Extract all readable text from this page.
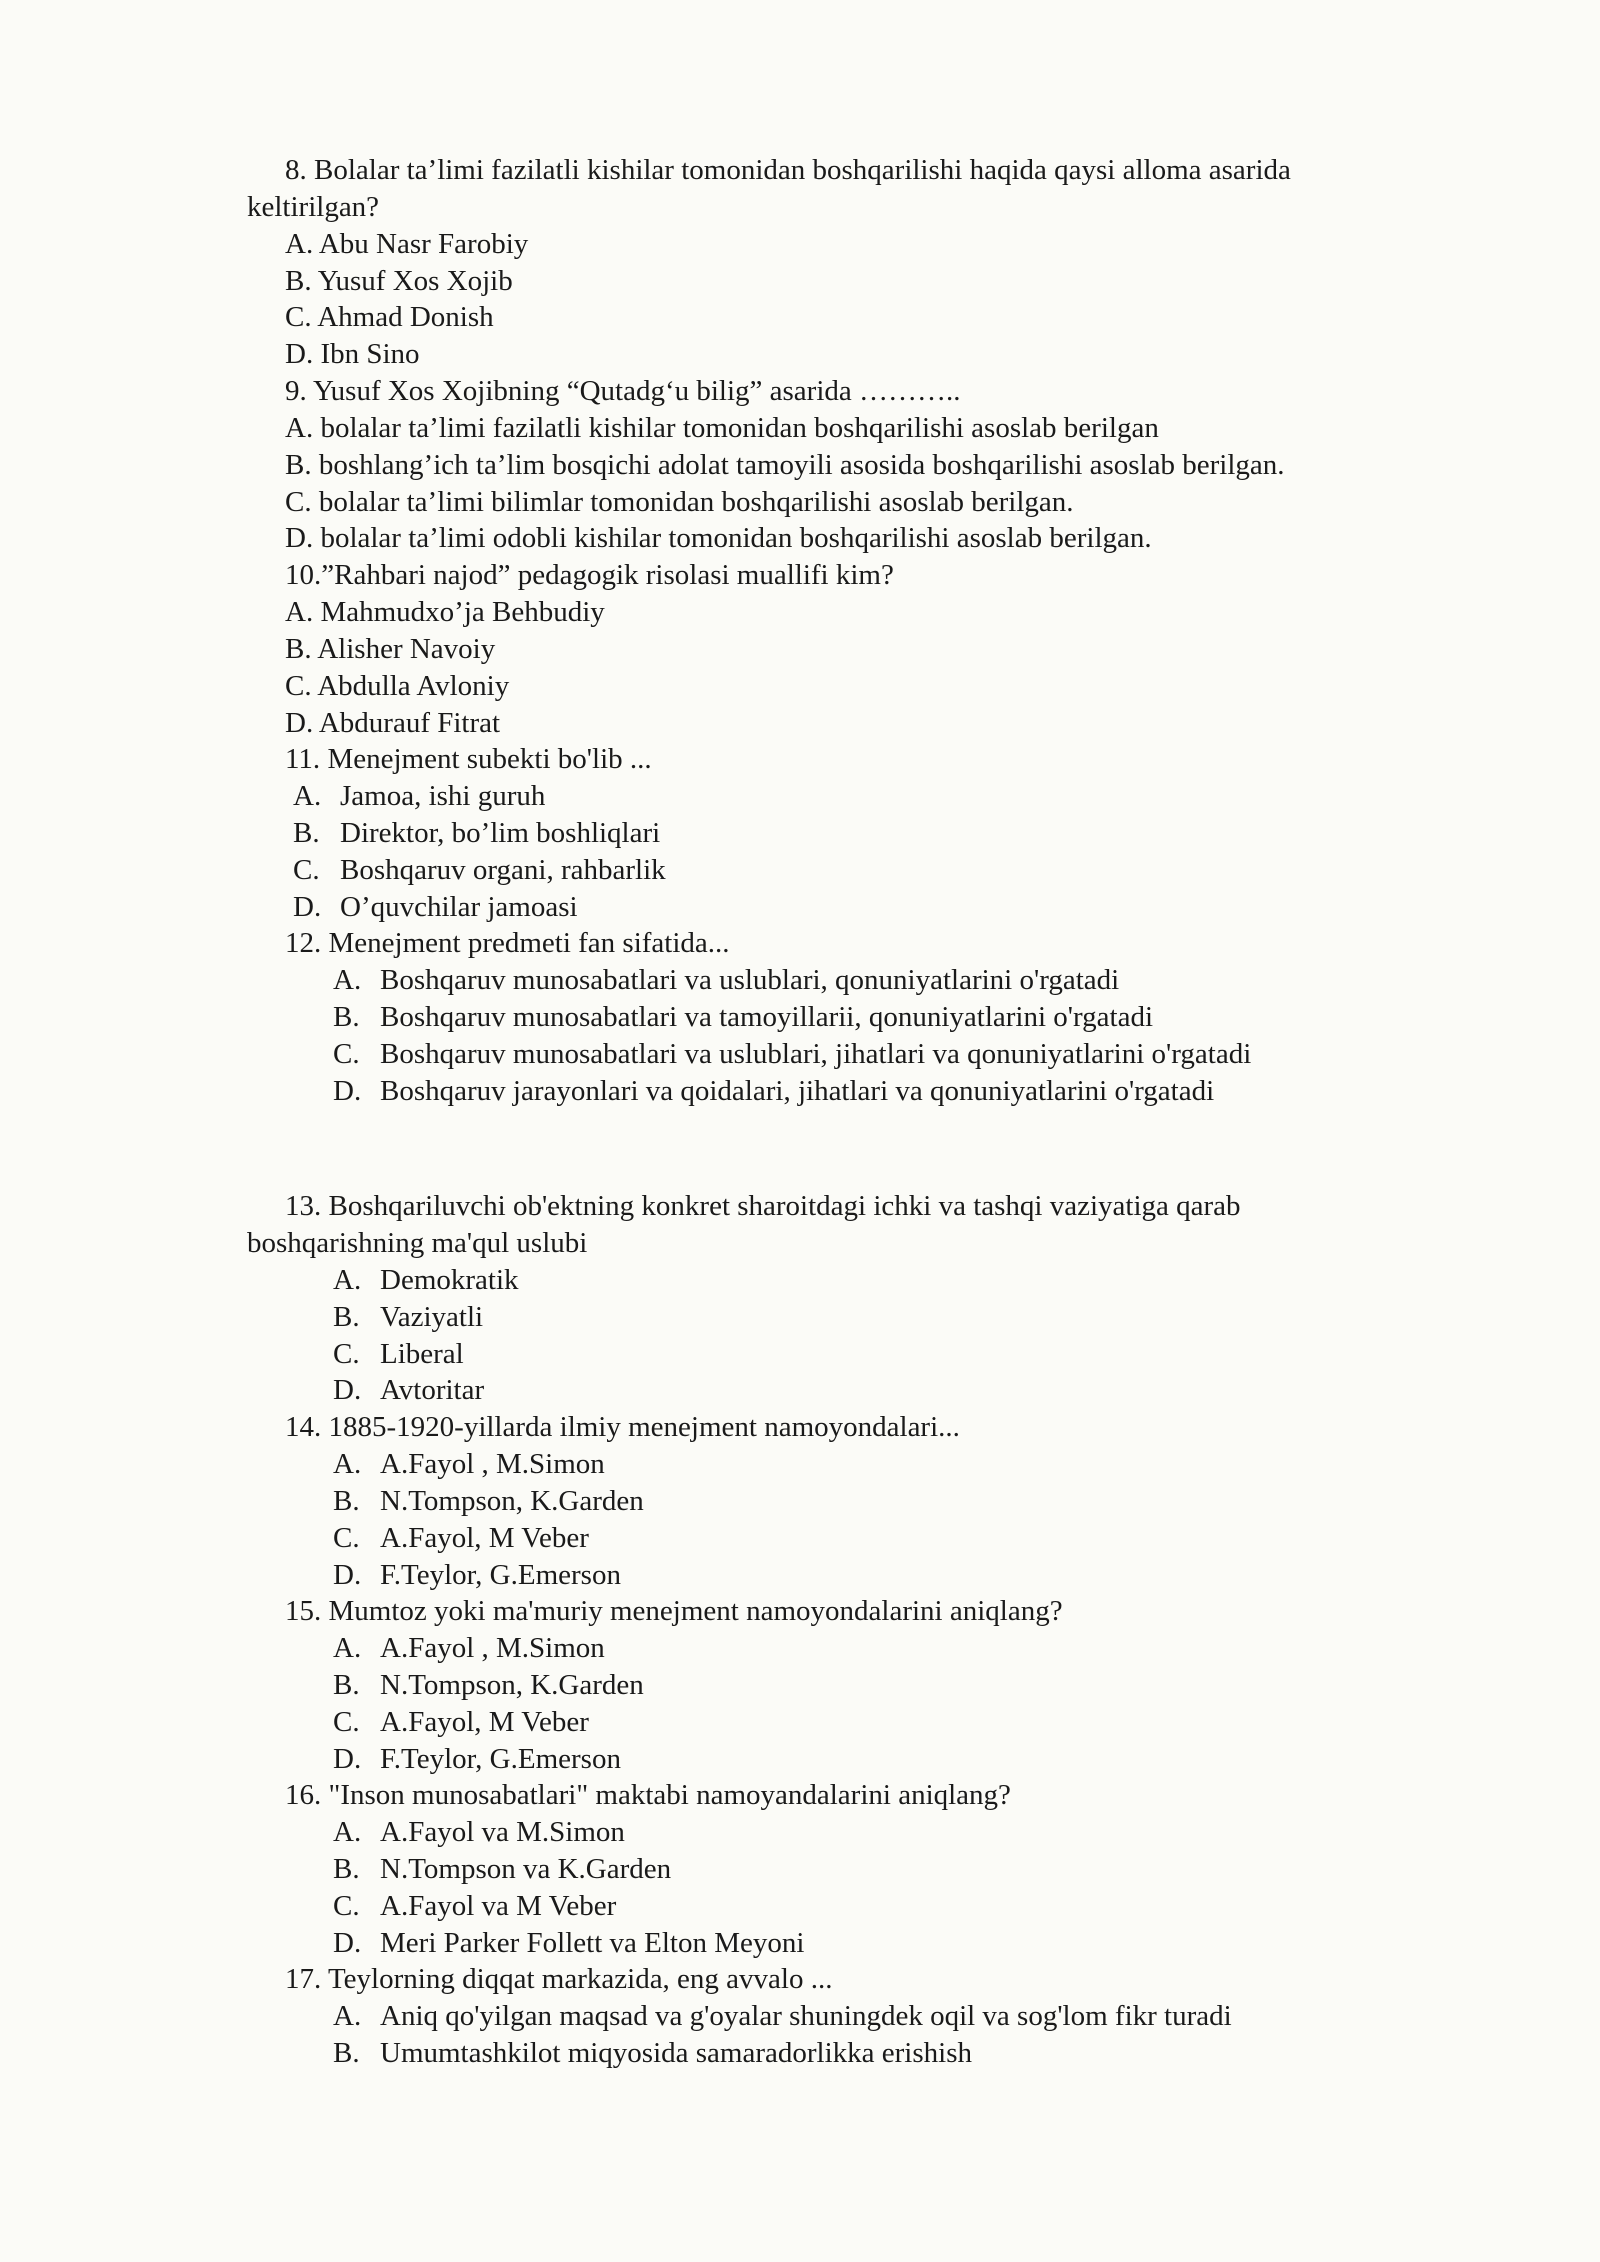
8. Bolalar ta’limi fazilatli kishilar tomonidan boshqarilishi haqida qaysi alloma asarida
keltirilgan?
A. Abu Nasr Farobiy
B. Yusuf Xos Xojib
C. Ahmad Donish
D. Ibn Sino
9. Yusuf Xos Xojibning “Qutadg‘u bilig” asarida ………..
A. bolalar ta’limi fazilatli kishilar tomonidan boshqarilishi asoslab berilgan
B. boshlang’ich ta’lim bosqichi adolat tamoyili asosida boshqarilishi asoslab berilgan.
C. bolalar ta’limi bilimlar tomonidan boshqarilishi asoslab berilgan.
D. bolalar ta’limi odobli kishilar tomonidan boshqarilishi asoslab berilgan.
10.”Rahbari najod” pedagogik risolasi muallifi kim?
A. Mahmudxo’ja Behbudiy
B. Alisher Navoiy
C. Abdulla Avloniy
D. Abdurauf Fitrat
11. Menejment subekti bo'lib ...
A. Jamoa, ishi guruh
B. Direktor, bo’lim boshliqlari
C. Boshqaruv organi, rahbarlik
D. O’quvchilar jamoasi
12. Menejment predmeti fan sifatida...
A. Boshqaruv munosabatlari va uslublari, qonuniyatlarini o'rgatadi
B. Boshqaruv munosabatlari va tamoyillarii, qonuniyatlarini o'rgatadi
C. Boshqaruv munosabatlari va uslublari, jihatlari va qonuniyatlarini o'rgatadi
D. Boshqaruv jarayonlari va qoidalari, jihatlari va qonuniyatlarini o'rgatadi
13. Boshqariluvchi ob'ektning konkret sharoitdagi ichki va tashqi vaziyatiga qarab
boshqarishning ma'qul uslubi
A. Demokratik
B. Vaziyatli
C. Liberal
D. Avtoritar
14. 1885-1920-yillarda ilmiy menejment namoyondalari...
A. A.Fayol , M.Simon
B. N.Tompson, K.Garden
C. A.Fayol, M Veber
D. F.Teylor, G.Emerson
15. Mumtoz yoki ma'muriy menejment namoyondalarini aniqlang?
A. A.Fayol , M.Simon
B. N.Tompson, K.Garden
C. A.Fayol, M Veber
D. F.Teylor, G.Emerson
16. "Inson munosabatlari" maktabi namoyandalarini aniqlang?
A. A.Fayol va M.Simon
B. N.Tompson va K.Garden
C. A.Fayol va M Veber
D. Meri Parker Follett va Elton Meyoni
17. Teylorning diqqat markazida, eng avvalo ...
A. Aniq qo'yilgan maqsad va g'oyalar shuningdek oqil va sog'lom fikr turadi
B. Umumtashkilot miqyosida samaradorlikka erishish
